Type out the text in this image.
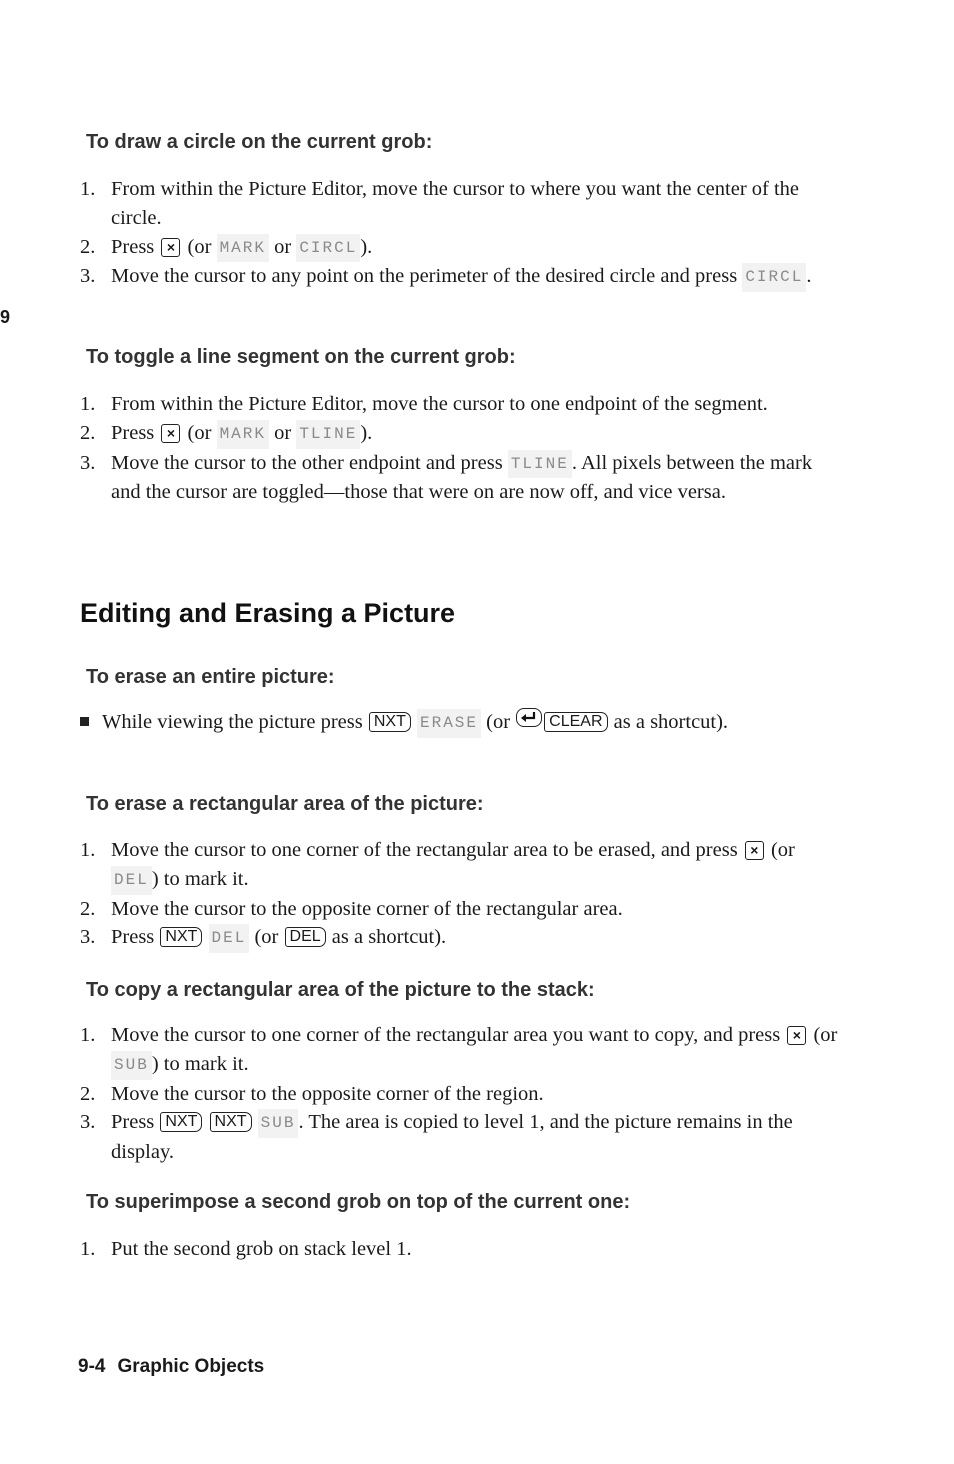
9
To draw a circle on the current grob:
1. From within the Picture Editor, move the cursor to where you want the center of the circle.
2. Press × (or MARK or CIRCL ).
3. Move the cursor to any point on the perimeter of the desired circle and press CIRCL .
To toggle a line segment on the current grob:
1. From within the Picture Editor, move the cursor to one endpoint of the segment.
2. Press × (or MARK or TLINE ).
3. Move the cursor to the other endpoint and press TLINE . All pixels between the mark and the cursor are toggled—those that were on are now off, and vice versa.
Editing and Erasing a Picture
To erase an entire picture:
While viewing the picture press NXT ERASE (or
CLEAR as a shortcut).
To erase a rectangular area of the picture:
1. Move the cursor to one corner of the rectangular area to be erased, and press × (or DEL ) to mark it.
2. Move the cursor to the opposite corner of the rectangular area.
3. Press NXT DEL (or DEL as a shortcut).
To copy a rectangular area of the picture to the stack:
1. Move the cursor to one corner of the rectangular area you want to copy, and press × (or SUB ) to mark it.
2. Move the cursor to the opposite corner of the region.
3. Press NXT NXT SUB . The area is copied to level 1, and the picture remains in the display.
To superimpose a second grob on top of the current one:
1. Put the second grob on stack level 1.
9-4 Graphic Objects
